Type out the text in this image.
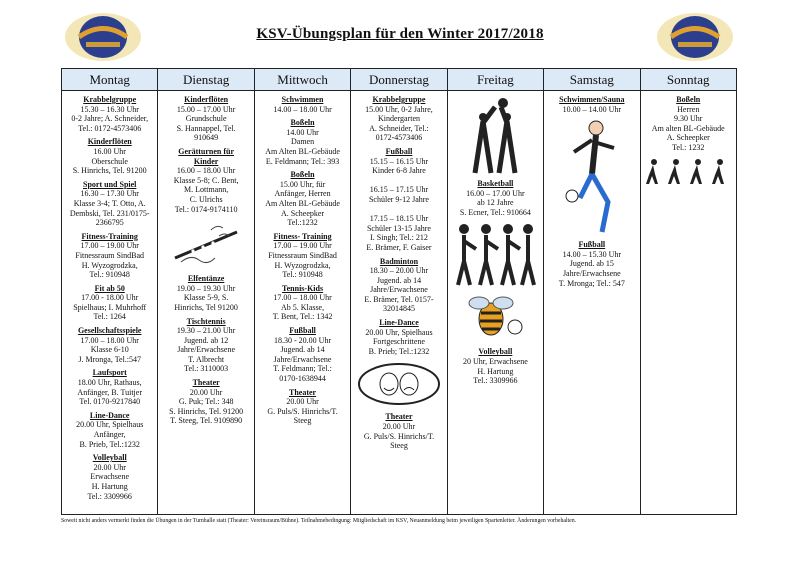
KSV-Übungsplan für den Winter 2017/2018
Montag
Krabbelgruppe
15.30 – 16.30 Uhr
0-2 Jahre; A. Schneider,
Tel.: 0172-4573406
Kinderflöten
16.00 Uhr
Oberschule
S. Hinrichs, Tel. 91200
Sport und Spiel
16.30 – 17.30 Uhr
Klasse 3-4; T. Otto, A.
Dembski, Tel. 231/0175-
2366795
Fitness-Training
17.00 – 19.00 Uhr
Fitnessraum SindBad
H. Wyzogrodzka,
Tel.: 910948
Fit ab 50
17.00 - 18.00 Uhr
Spielhaus; I. Muhrhoff
Tel.: 1264
Gesellschaftsspiele
17.00 – 18.00 Uhr
Klasse 6-10
J. Mronga, Tel.:547
Laufsport
18.00 Uhr, Rathaus,
Anfänger, B. Tuitjer
Tel. 0170-9217840
Line-Dance
20.00 Uhr, Spielhaus
Anfänger,
B. Prieb, Tel.:1232
Volleyball
20.00 Uhr
Erwachsene
H. Hartung
Tel.: 3309966
Dienstag
Kinderflöten
15.00 – 17.00 Uhr
Grundschule
S. Hannappel, Tel.
910649
Gerätturnen für
Kinder
16.00 – 18.00 Uhr
Klasse 5-8; C. Bent,
M. Lottmann,
C. Ulrichs
Tel.: 0174-9174110
Elfentänze
19.00 – 19.30 Uhr
Klasse 5-9, S.
Hinrichs, Tel 91200
Tischtennis
19.30 – 21.00 Uhr
Jugend. ab 12
Jahre/Erwachsene
T. Albrecht
Tel.: 3110003
Theater
20.00 Uhr
G. Puk; Tel.: 348
S. Hinrichs, Tel. 91200
T. Steeg, Tel. 9109890
Mittwoch
Schwimmen
14.00 – 18.00 Uhr
Boßeln
14.00 Uhr
Damen
Am Alten BL-Gebäude
E. Feldmann; Tel.: 393
Boßeln
15.00 Uhr, für
Anfänger, Herren
Am Alten BL-Gebäude
A. Scheepker
Tel.:1232
Fitness- Training
17.00 – 19.00 Uhr
Fitnessraum SindBad
H. Wyzogrodzka,
Tel.: 910948
Tennis-Kids
17.00 – 18.00 Uhr
Ab 5. Klasse,
T. Bent, Tel.: 1342
Fußball
18.30 - 20.00 Uhr
Jugend. ab 14
Jahre/Erwachsene
T. Feldmann; Tel.:
0170-1638944
Theater
20.00 Uhr
G. Puls/S. Hinrichs/T.
Steeg
Donnerstag
Krabbelgruppe
15.00 Uhr, 0-2 Jahre,
Kindergarten
A. Schneider, Tel.:
0172-4573406
Fußball
15.15 – 16.15 Uhr
Kinder 6-8 Jahre

16.15 – 17.15 Uhr
Schüler 9-12 Jahre

17.15 – 18.15 Uhr
Schüler 13-15 Jahre
I. Singh; Tel.: 212
E. Brämer, F. Gaiser
Badminton
18.30 – 20.00 Uhr
Jugend. ab 14
Jahre/Erwachsene
E. Brämer, Tel. 0157-
32014845
Line-Dance
20.00 Uhr, Spielhaus
Fortgeschrittene
B. Prieb; Tel.:1232
Theater
20.00 Uhr
G. Puls/S. Hinrichs/T.
Steeg
Freitag
Basketball
16.00 – 17.00 Uhr
ab 12 Jahre
S. Ecner, Tel.: 910664
Volleyball
20 Uhr, Erwachsene
H. Hartung
Tel.: 3309966
Samstag
Schwimmen/Sauna
10.00 – 14.00 Uhr
Fußball
14.00 – 15.30 Uhr
Jugend. ab 15
Jahre/Erwachsene
T. Mronga; Tel.: 547
Sonntag
Boßeln
Herren
9.30 Uhr
Am alten BL-Gebäude
A. Scheepker
Tel.: 1232
Soweit nicht anders vermerkt finden die Übungen in der Turnhalle statt (Theater: Vereinsraum/Bühne). Teilnahmebedingung: Mitgliedschaft im KSV, Neuanmeldung beim jeweiligen Spartenleiter. Änderungen vorbehalten.
